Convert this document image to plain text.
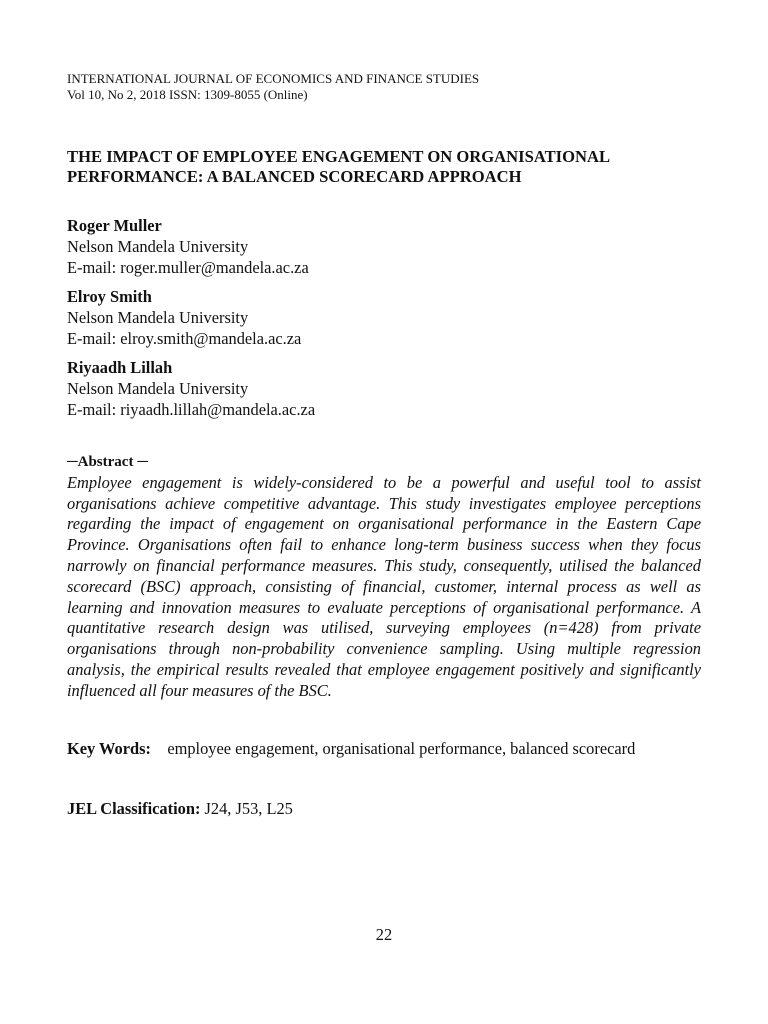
INTERNATIONAL JOURNAL OF ECONOMICS AND FINANCE STUDIES
Vol 10, No 2, 2018 ISSN: 1309-8055 (Online)
THE IMPACT OF EMPLOYEE ENGAGEMENT ON ORGANISATIONAL
PERFORMANCE: A BALANCED SCORECARD APPROACH
Roger Muller
Nelson Mandela University
E-mail: roger.muller@mandela.ac.za
Elroy Smith
Nelson Mandela University
E-mail: elroy.smith@mandela.ac.za
Riyaadh Lillah
Nelson Mandela University
E-mail: riyaadh.lillah@mandela.ac.za
─Abstract ─
Employee engagement is widely-considered to be a powerful and useful tool to assist organisations achieve competitive advantage. This study investigates employee perceptions regarding the impact of engagement on organisational performance in the Eastern Cape Province. Organisations often fail to enhance long-term business success when they focus narrowly on financial performance measures. This study, consequently, utilised the balanced scorecard (BSC) approach, consisting of financial, customer, internal process as well as learning and innovation measures to evaluate perceptions of organisational performance. A quantitative research design was utilised, surveying employees (n=428) from private organisations through non-probability convenience sampling. Using multiple regression analysis, the empirical results revealed that employee engagement positively and significantly influenced all four measures of the BSC.
Key Words: employee engagement, organisational performance, balanced scorecard
JEL Classification: J24, J53, L25
22
